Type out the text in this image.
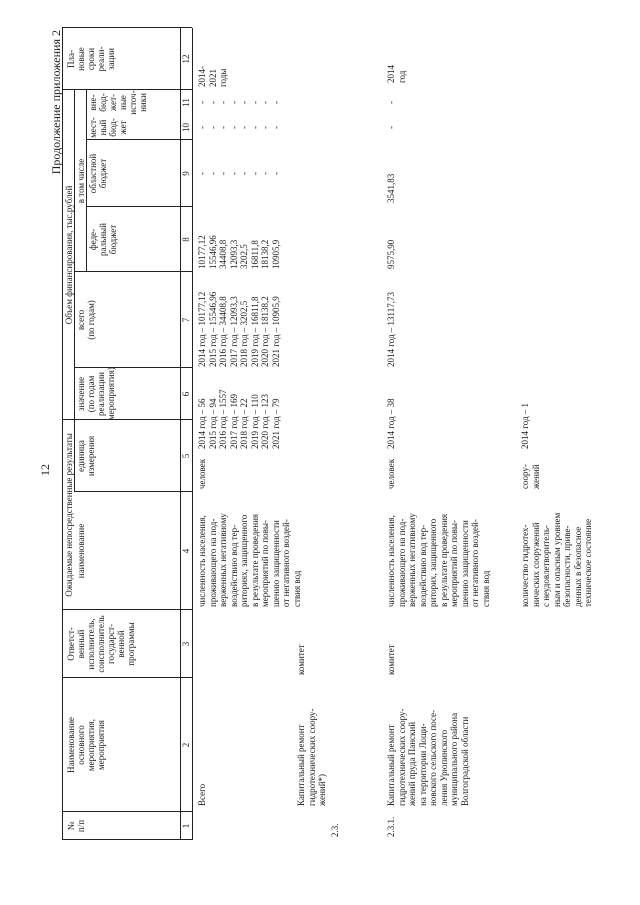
12
Продолжение приложения 2
№
п/п
Наименование
основного
мероприятия,
мероприятия
Ответст-
венный
исполнитель,
соисполнитель
государст-
венной
программы
Ожидаемые непосредственные результаты наименование
единица
измерения
Объем финансирования, тыс.рублей всего
(по годам)
в том числе
феде-
ральный
бюджет
областной
бюджет
мест-
ный
бюд-
жет
вне-
бюд-
жет-
ные
источ-
ники
Пла-
новые
сроки
реали-
зации
значение
(по годам
реализации
мероприятия)
1
2
3
4
5
6
7
8
9
10
11
12
Всего
численность населения,
проживающего на под-
верженных негативному
воздействию вод тер-
риториях, защищенного
в результате проведения
мероприятий по повы-
шению защищенности
от негативного воздей-
ствия вод
человек
2014 год – 56
2015 год – 94
2016 год – 1557
2017 год – 169
2018 год – 22
2019 год – 110
2020 год – 123
2021 год – 79
2014 год – 10177,12
2015 год – 15546,96
2016 год – 34408,8
2017 год – 12093,3
2018 год – 3202,5
2019 год – 16811,8
2020 год – 18138,2
2021 год – 10905,9
10177,12
15546,96
34408,8
12093,3
3202,5
16811,8
18138,2
10905,9
-
-
-
-
-
-
-
-
-
-
-
-
-
-
-
-
-
-
-
-
-
-
-
-
2014-
2021
годы
2.3.
Капитальный ремонт
гидротехнических соору-
жений*)
комитет
2.3.1.
Капитальный ремонт
гидротехнических соору-
жений пруда Панский
на территории Лощи-
новского сельского посе-
ления Урюпинского
муниципального района
Волгоградской области
комитет
численность населения,
проживающего на под-
верженных негативному
воздействию вод тер-
риторих, защищенного
в результате проведения
мероприятий по повы-
шению защищенности
от негативного воздей-
ствия вод
человек
2014 год – 38
2014 год – 13117,73
9575,90
3541,83
-
-
2014
год
количество гидротех-
нических сооружений
с неудовлетворитель-
ным и опасным уровнем
безопасности, приве-
денных в безопасное
техническое состояние
соору-
жений
2014 год – 1
